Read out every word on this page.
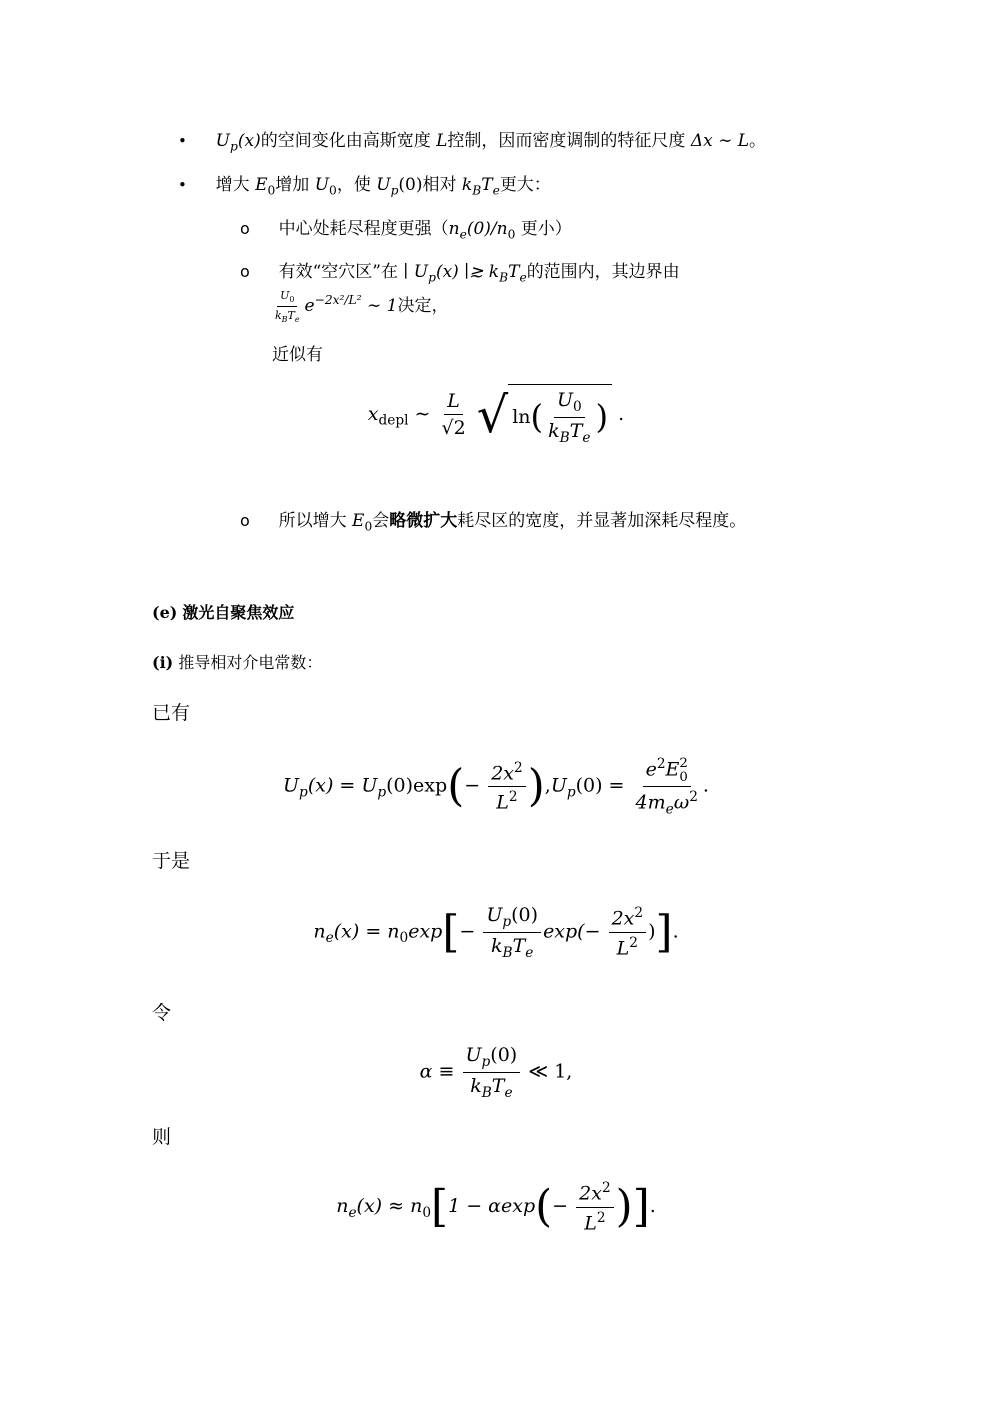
• $U_p(x)$的空间变化由高斯宽度 L控制，因而密度调制的特征尺度 Δx ∼ L。
• 增大 $E_0$增加 $U_0$，使 $U_p(0)$相对 $k_BT_e$更大：
o 中心处耗尽程度更强（$n_e(0)/n_0$ 更小）
o 有效“空穴区”在 ∣ $U_p(x)$ ∣≳ $k_BT_e$的范围内，其边界由
$\frac{U_0}{k_BT_e} e^{-2x^2/L^2}$ ∼ 1决定，
近似有
$x_{depl}$ ∼ $\frac{L}{√2}$
√ ln ( $\frac{U_0}{k_BT_e}$ ) .
o 所以增大 $E_0$会略微扩大耗尽区的宽度，并显著加深耗尽程度。
(e) 激光自聚焦效应
(i) 推导相对介电常数：
已有
$U_p(x) = U_p(0)\exp(- \frac{2x^2}{L^2} ),U_p(0) = e^2E$ 2
0
$4m_e\omega^2$ .
于是
$n_e(x) = n_0\exp[- \frac{U_p(0)}{k_BT_e} \exp(- \frac{2x^2}{L^2}$ )].
令
$\alpha \equiv \frac{U_p(0)}{k_BT_e}$ ≪ 1,
则
$n_e(x) \approx n_0[1 - \alpha\exp(- \frac{2x^2}{L^2}$ )].
